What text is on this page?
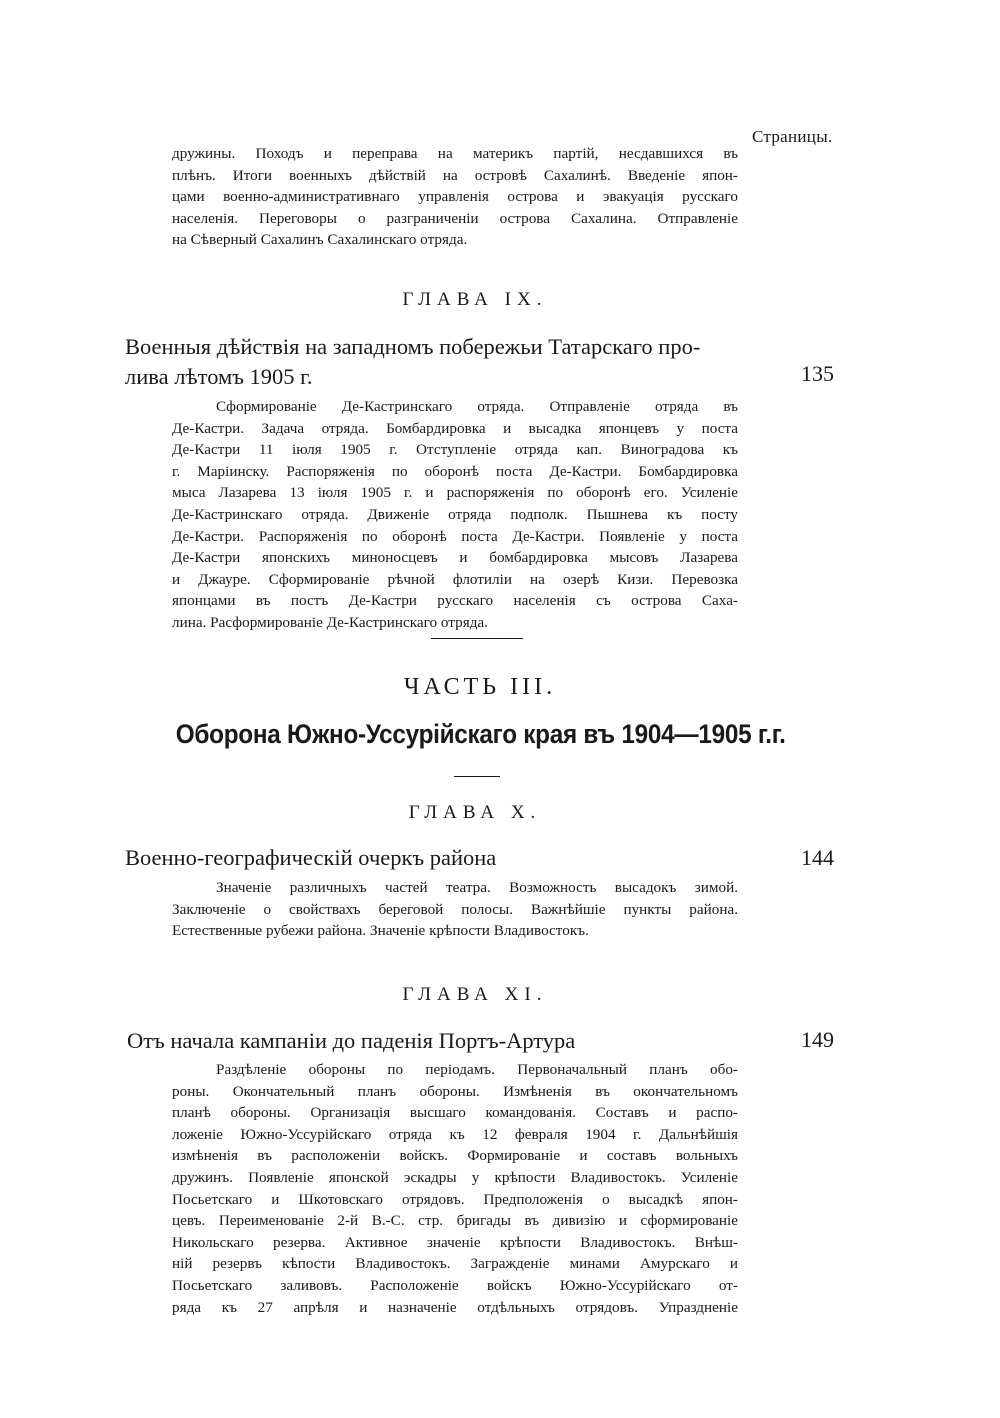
Страницы.
дружины. Походъ и переправа на материкъ партій, несдавшихся въ
плѣнъ. Итоги военныхъ дѣйствій на островѣ Сахалинѣ. Введеніе япон-
цами военно-административнаго управленія острова и эвакуація русскаго
населенія. Переговоры о разграниченіи острова Сахалина. Отправленіе
на Сѣверный Сахалинъ Сахалинскаго отряда.
ГЛАВА IX.
Военныя дѣйствія на западномъ побережьи Татарскаго про-
лива лѣтомъ 1905 г.	135
Сформированіе Де-Кастринскаго отряда. Отправленіе отряда въ
Де-Кастри. Задача отряда. Бомбардировка и высадка японцевъ у поста
Де-Кастри 11 іюля 1905 г. Отступленіе отряда кап. Виноградова къ
г. Маріинску. Распоряженія по оборонѣ поста Де-Кастри. Бомбардировка
мыса Лазарева 13 іюля 1905 г. и распоряженія по оборонѣ его. Усиленіе
Де-Кастринскаго отряда. Движеніе отряда подполк. Пышнева къ посту
Де-Кастри. Распоряженія по оборонѣ поста Де-Кастри. Появленіе у поста
Де-Кастри японскихъ миноносцевъ и бомбардировка мысовъ Лазарева
и Джауре. Сформированіе рѣчной флотиліи на озерѣ Кизи. Перевозка
японцами въ постъ Де-Кастри русскаго населенія съ острова Саха-
лина. Расформированіе Де-Кастринскаго отряда.
ЧАСТЬ III.
Оборона Южно-Уссурійскаго края въ 1904—1905 г.г.
ГЛАВА X.
Военно-географическій очеркъ района	144
Значеніе различныхъ частей театра. Возможность высадокъ зимой.
Заключеніе о свойствахъ береговой полосы. Важнѣйшіе пункты района.
Естественные рубежи района. Значеніе крѣпости Владивостокъ.
ГЛАВА XI.
Отъ начала кампаніи до паденія Портъ-Артура	149
Раздѣленіе обороны по періодамъ. Первоначальный планъ обо-
роны. Окончательный планъ обороны. Измѣненія въ окончательномъ
планѣ обороны. Организація высшаго командованія. Составъ и распо-
ложеніе Южно-Уссурійскаго отряда къ 12 февраля 1904 г. Дальнѣйшія
измѣненія въ расположеніи войскъ. Формированіе и составъ вольныхъ
дружинъ. Появленіе японской эскадры у крѣпости Владивостокъ. Усиленіе
Посьетскаго и Шкотовскаго отрядовъ. Предположенія о высадкѣ япон-
цевъ. Переименованіе 2-й В.-С. стр. бригады въ дивизію и сформированіе
Никольскаго резерва. Активное значеніе крѣпости Владивостокъ. Внѣш-
ній резервъ кѣпости Владивостокъ. Загражденіе минами Амурскаго и
Посьетскаго заливовъ. Расположеніе войскъ Южно-Уссурійскаго от-
ряда къ 27 апрѣля и назначеніе отдѣльныхъ отрядовъ. Упраздненіе
